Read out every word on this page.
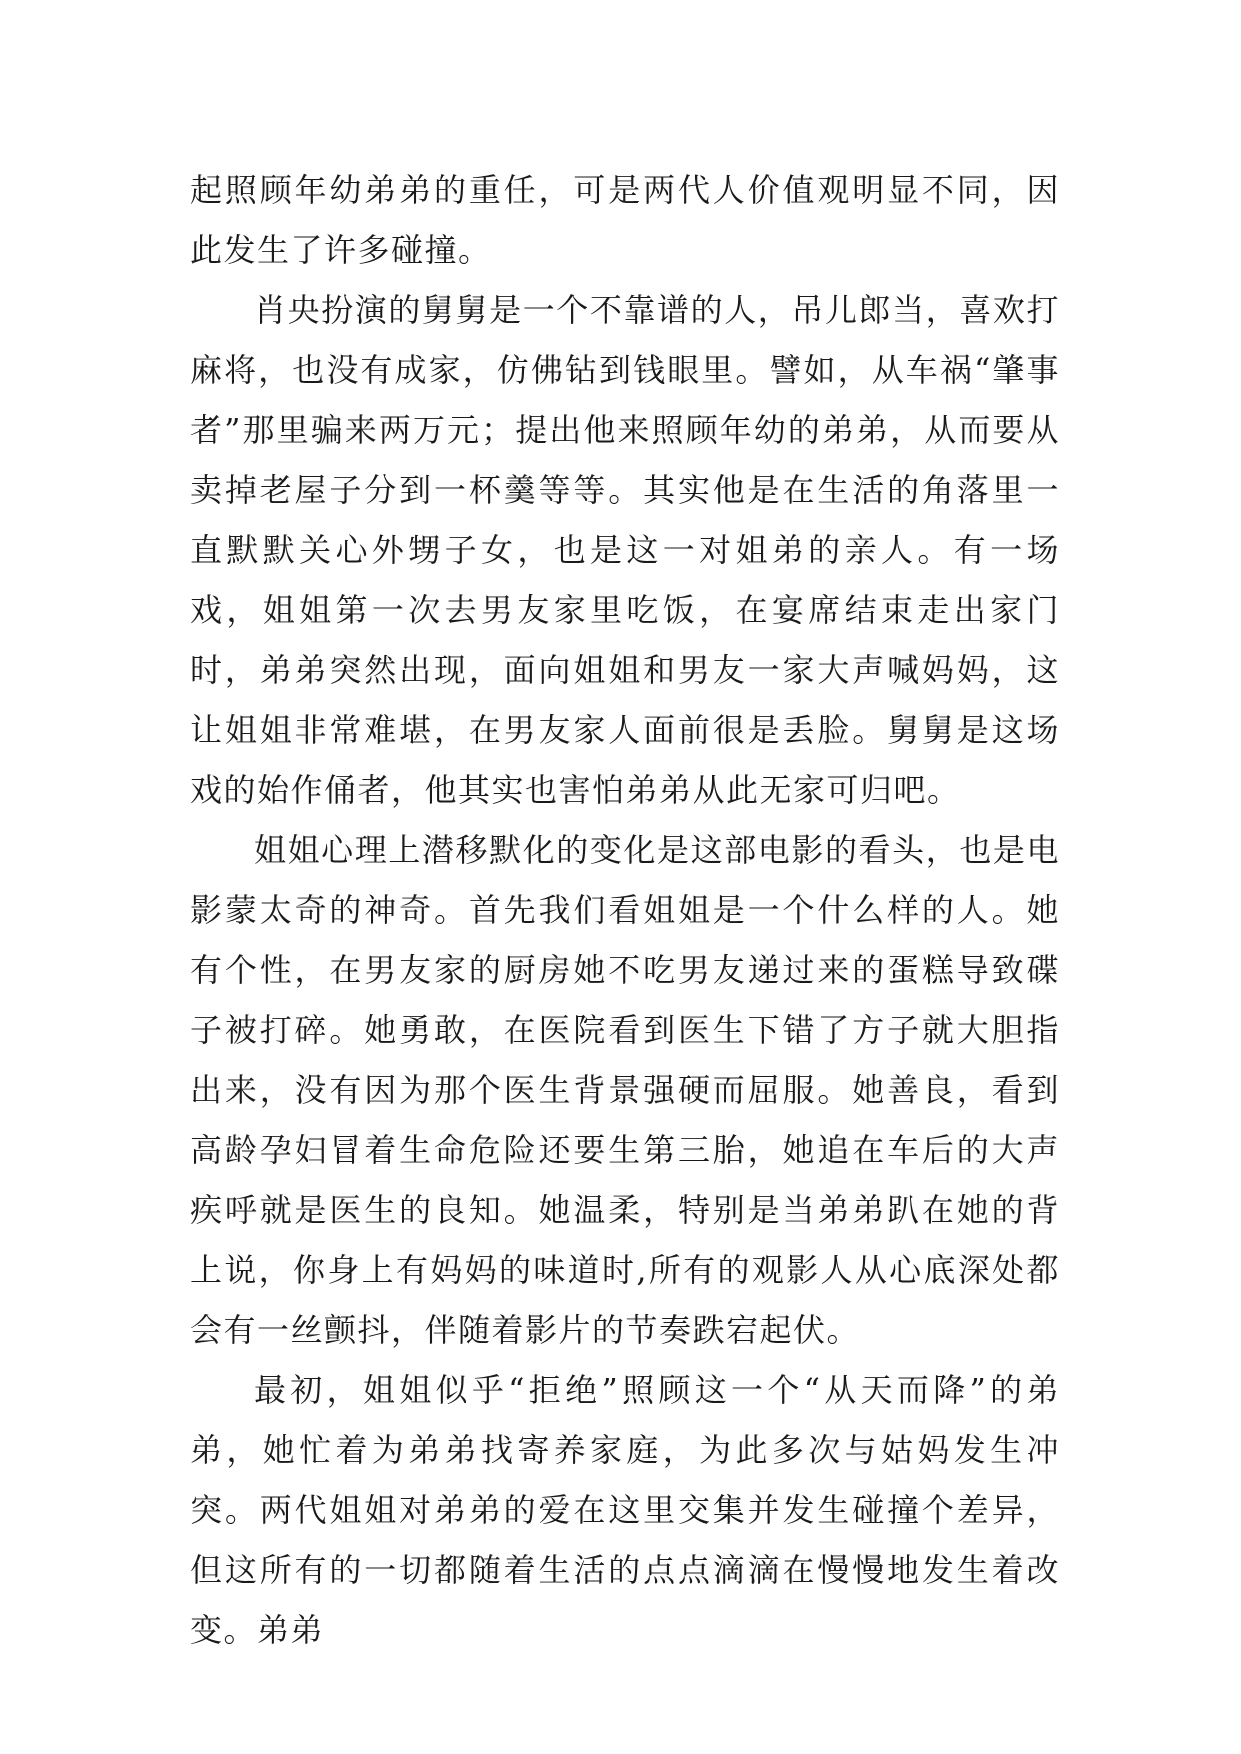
起照顾年幼弟弟的重任，可是两代人价值观明显不同，因此发生了许多碰撞。

肖央扮演的舅舅是一个不靠谱的人，吊儿郎当，喜欢打麻将，也没有成家，仿佛钻到钱眼里。譬如，从车祸“肇事者”那里骗来两万元；提出他来照顾年幼的弟弟，从而要从卖掉老屋子分到一杯羹等等。其实他是在生活的角落里一直默默关心外甥子女，也是这一对姐弟的亲人。有一场戏，姐姐第一次去男友家里吃饭，在宴席结束走出家门时，弟弟突然出现，面向姐姐和男友一家大声喊妈妈，这让姐姐非常难堪，在男友家人面前很是丢脸。舅舅是这场戏的始作俑者，他其实也害怕弟弟从此无家可归吧。

姐姐心理上潜移默化的变化是这部电影的看头，也是电影蒙太奇的神奇。首先我们看姐姐是一个什么样的人。她有个性，在男友家的厨房她不吃男友递过来的蛋糕导致碟子被打碎。她勇敢，在医院看到医生下错了方子就大胆指出来，没有因为那个医生背景强硬而屈服。她善良，看到高龄孕妇冒着生命危险还要生第三胎，她追在车后的大声疾呼就是医生的良知。她温柔，特别是当弟弟趴在她的背上说，你身上有妈妈的味道时,所有的观影人从心底深处都会有一丝颤抖，伴随着影片的节奏跌宕起伏。

最初，姐姐似乎“拒绝”照顾这一个“从天而降”的弟弟，她忙着为弟弟找寄养家庭，为此多次与姑妈发生冲突。两代姐姐对弟弟的爱在这里交集并发生碰撞个差异，但这所有的一切都随着生活的点点滴滴在慢慢地发生着改变。弟弟
